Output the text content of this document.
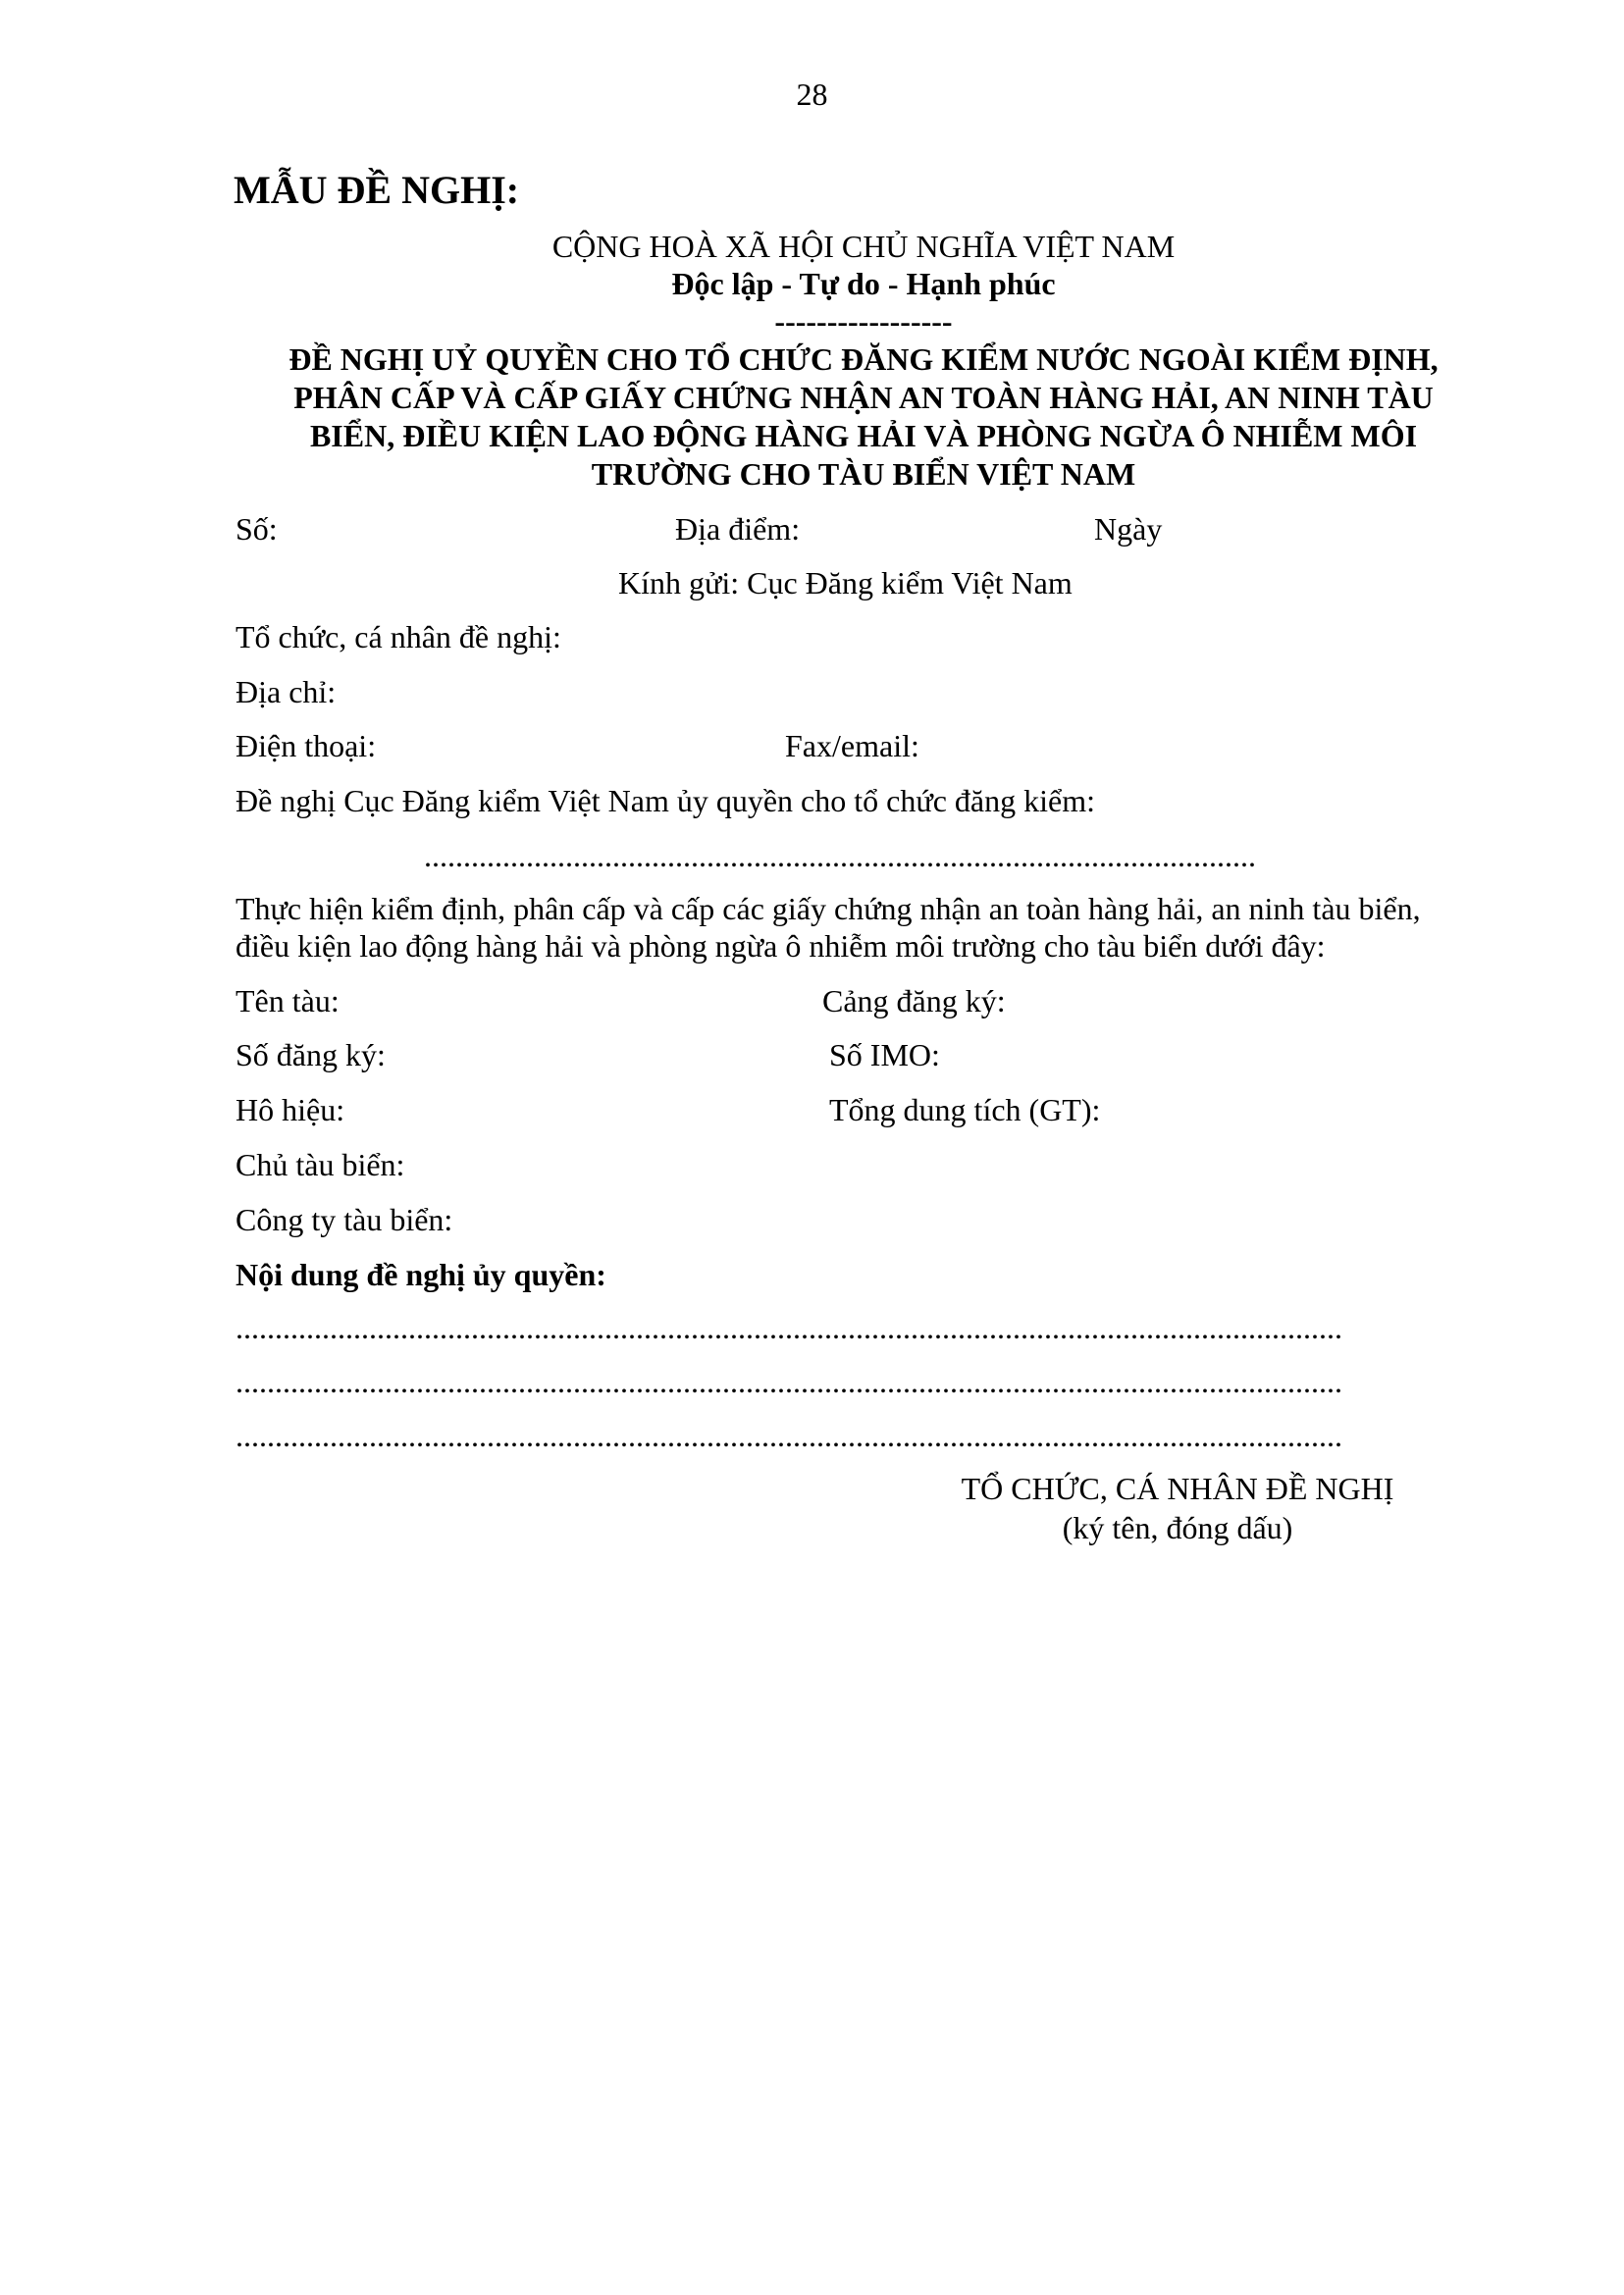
28
MẪU ĐỀ NGHỊ:
CỘNG HOÀ XÃ HỘI CHỦ NGHĨA VIỆT NAM
Độc lập - Tự do - Hạnh phúc
-----------------
ĐỀ NGHỊ UỶ QUYỀN CHO TỔ CHỨC ĐĂNG KIỂM NƯỚC NGOÀI KIỂM ĐỊNH,
PHÂN CẤP VÀ CẤP GIẤY CHỨNG NHẬN AN TOÀN HÀNG HẢI, AN NINH TÀU
BIỂN, ĐIỀU KIỆN LAO ĐỘNG HÀNG HẢI VÀ PHÒNG NGỪA Ô NHIỄM MÔI
TRƯỜNG CHO TÀU BIỂN VIỆT NAM
Số:	Địa điểm:	Ngày
Kính gửi: Cục Đăng kiểm Việt Nam
Tổ chức, cá nhân đề nghị:
Địa chỉ:
Điện thoại:	Fax/email:
Đề nghị Cục Đăng kiểm Việt Nam ủy quyền cho tổ chức đăng kiểm:
..........................................................................................................
Thực hiện kiểm định, phân cấp và cấp các giấy chứng nhận an toàn hàng hải, an ninh tàu biển,
điều kiện lao động hàng hải và phòng ngừa ô nhiễm môi trường cho tàu biển dưới đây:
Tên tàu:	Cảng đăng ký:
Số đăng ký:	Số IMO:
Hô hiệu:	Tổng dung tích (GT):
Chủ tàu biển:
Công ty tàu biển:
Nội dung đề nghị ủy quyền:
.............................................................................................................................................
.............................................................................................................................................
.............................................................................................................................................
TỔ CHỨC, CÁ NHÂN ĐỀ NGHỊ
(ký tên, đóng dấu)
